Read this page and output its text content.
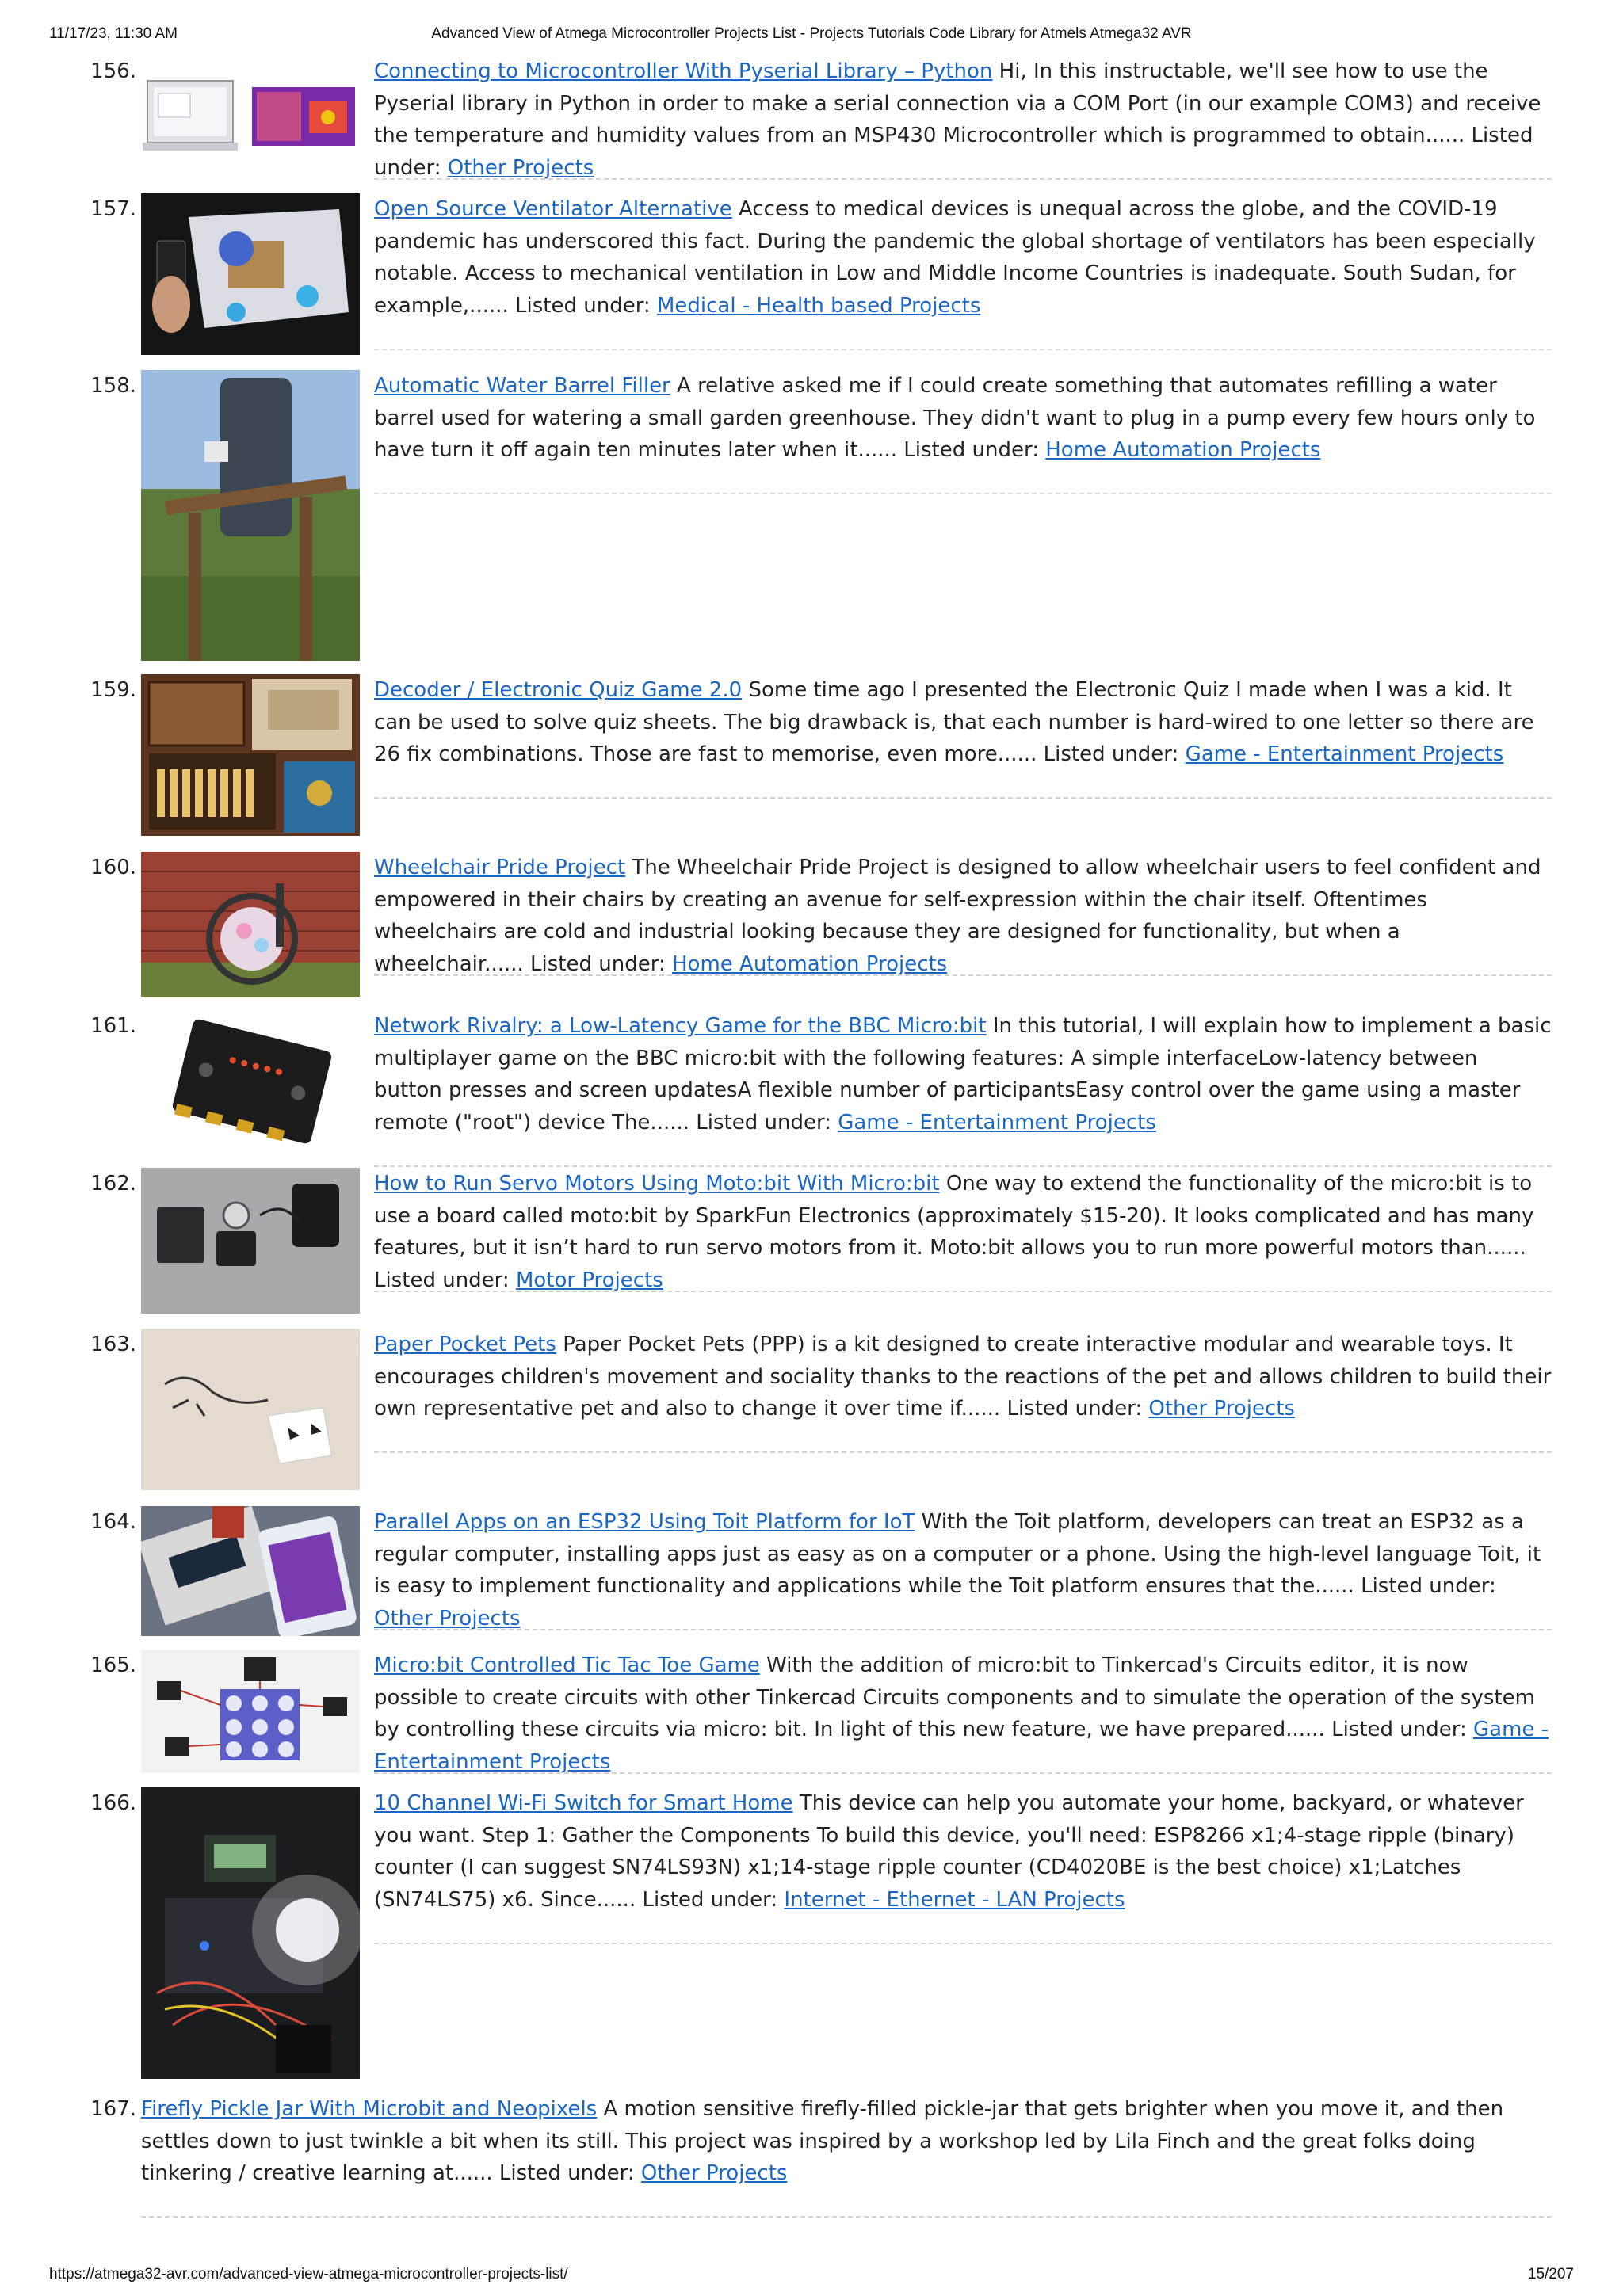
11/17/23, 11:30 AM	Advanced View of Atmega Microcontroller Projects List - Projects Tutorials Code Library for Atmels Atmega32 AVR
156.	Connecting to Microcontroller With Pyserial Library – Python Hi, In this instructable, we'll see how to use the Pyserial library in Python in order to make a serial connection via a COM Port (in our example COM3) and receive the temperature and humidity values from an MSP430 Microcontroller which is programmed to obtain...... Listed under: Other Projects
157.	Open Source Ventilator Alternative Access to medical devices is unequal across the globe, and the COVID-19 pandemic has underscored this fact. During the pandemic the global shortage of ventilators has been especially notable. Access to mechanical ventilation in Low and Middle Income Countries is inadequate. South Sudan, for example,...... Listed under: Medical - Health based Projects
158.	Automatic Water Barrel Filler A relative asked me if I could create something that automates refilling a water barrel used for watering a small garden greenhouse. They didn't want to plug in a pump every few hours only to have turn it off again ten minutes later when it...... Listed under: Home Automation Projects
159.	Decoder / Electronic Quiz Game 2.0 Some time ago I presented the Electronic Quiz I made when I was a kid. It can be used to solve quiz sheets. The big drawback is, that each number is hard-wired to one letter so there are 26 fix combinations. Those are fast to memorise, even more...... Listed under: Game - Entertainment Projects
160.	Wheelchair Pride Project The Wheelchair Pride Project is designed to allow wheelchair users to feel confident and empowered in their chairs by creating an avenue for self-expression within the chair itself. Oftentimes wheelchairs are cold and industrial looking because they are designed for functionality, but when a wheelchair...... Listed under: Home Automation Projects
161.	Network Rivalry: a Low-Latency Game for the BBC Micro:bit In this tutorial, I will explain how to implement a basic multiplayer game on the BBC micro:bit with the following features: A simple interfaceLow-latency between button presses and screen updatesA flexible number of participantsEasy control over the game using a master remote ("root") device The...... Listed under: Game - Entertainment Projects
162.	How to Run Servo Motors Using Moto:bit With Micro:bit One way to extend the functionality of the micro:bit is to use a board called moto:bit by SparkFun Electronics (approximately $15-20). It looks complicated and has many features, but it isn’t hard to run servo motors from it. Moto:bit allows you to run more powerful motors than...... Listed under: Motor Projects
163.	Paper Pocket Pets Paper Pocket Pets (PPP) is a kit designed to create interactive modular and wearable toys. It encourages children's movement and sociality thanks to the reactions of the pet and allows children to build their own representative pet and also to change it over time if...... Listed under: Other Projects
164.	Parallel Apps on an ESP32 Using Toit Platform for IoT With the Toit platform, developers can treat an ESP32 as a regular computer, installing apps just as easy as on a computer or a phone. Using the high-level language Toit, it is easy to implement functionality and applications while the Toit platform ensures that the...... Listed under: Other Projects
165.	Micro:bit Controlled Tic Tac Toe Game With the addition of micro:bit to Tinkercad's Circuits editor, it is now possible to create circuits with other Tinkercad Circuits components and to simulate the operation of the system by controlling these circuits via micro: bit. In light of this new feature, we have prepared...... Listed under: Game - Entertainment Projects
166.	10 Channel Wi-Fi Switch for Smart Home This device can help you automate your home, backyard, or whatever you want. Step 1: Gather the Components To build this device, you'll need: ESP8266 x1;4-stage ripple (binary) counter (I can suggest SN74LS93N) x1;14-stage ripple counter (CD4020BE is the best choice) x1;Latches (SN74LS75) x6. Since...... Listed under: Internet - Ethernet - LAN Projects
167. Firefly Pickle Jar With Microbit and Neopixels A motion sensitive firefly-filled pickle-jar that gets brighter when you move it, and then settles down to just twinkle a bit when its still. This project was inspired by a workshop led by Lila Finch and the great folks doing tinkering / creative learning at...... Listed under: Other Projects
https://atmega32-avr.com/advanced-view-atmega-microcontroller-projects-list/	15/207
